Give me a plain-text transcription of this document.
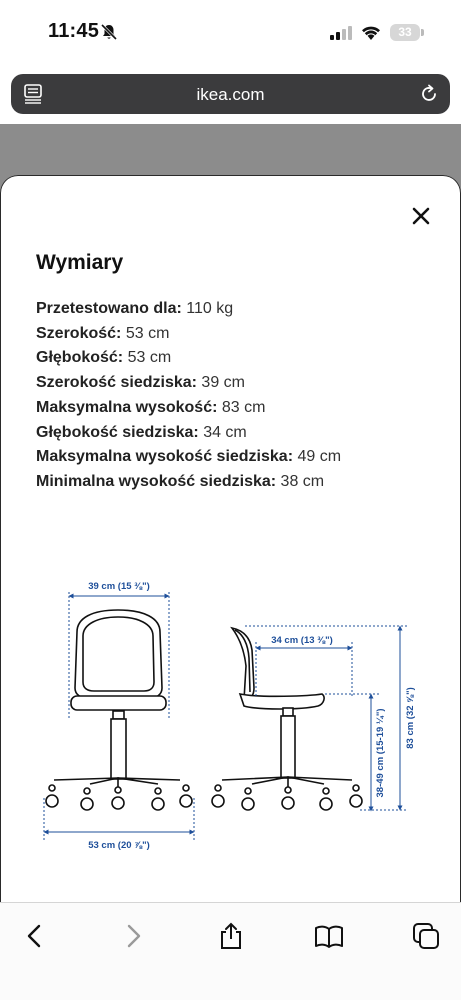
11:45	33
ikea.com
Wymiary
Przetestowano dla: 110 kg
Szerokość: 53 cm
Głębokość: 53 cm
Szerokość siedziska: 39 cm
Maksymalna wysokość: 83 cm
Głębokość siedziska: 34 cm
Maksymalna wysokość siedziska: 49 cm
Minimalna wysokość siedziska: 38 cm
39 cm (15 ⅜")
53 cm (20 ⅞")
34 cm (13 ⅜")
38-49 cm (15-19 ¼") 83 cm (32 ⅝")
